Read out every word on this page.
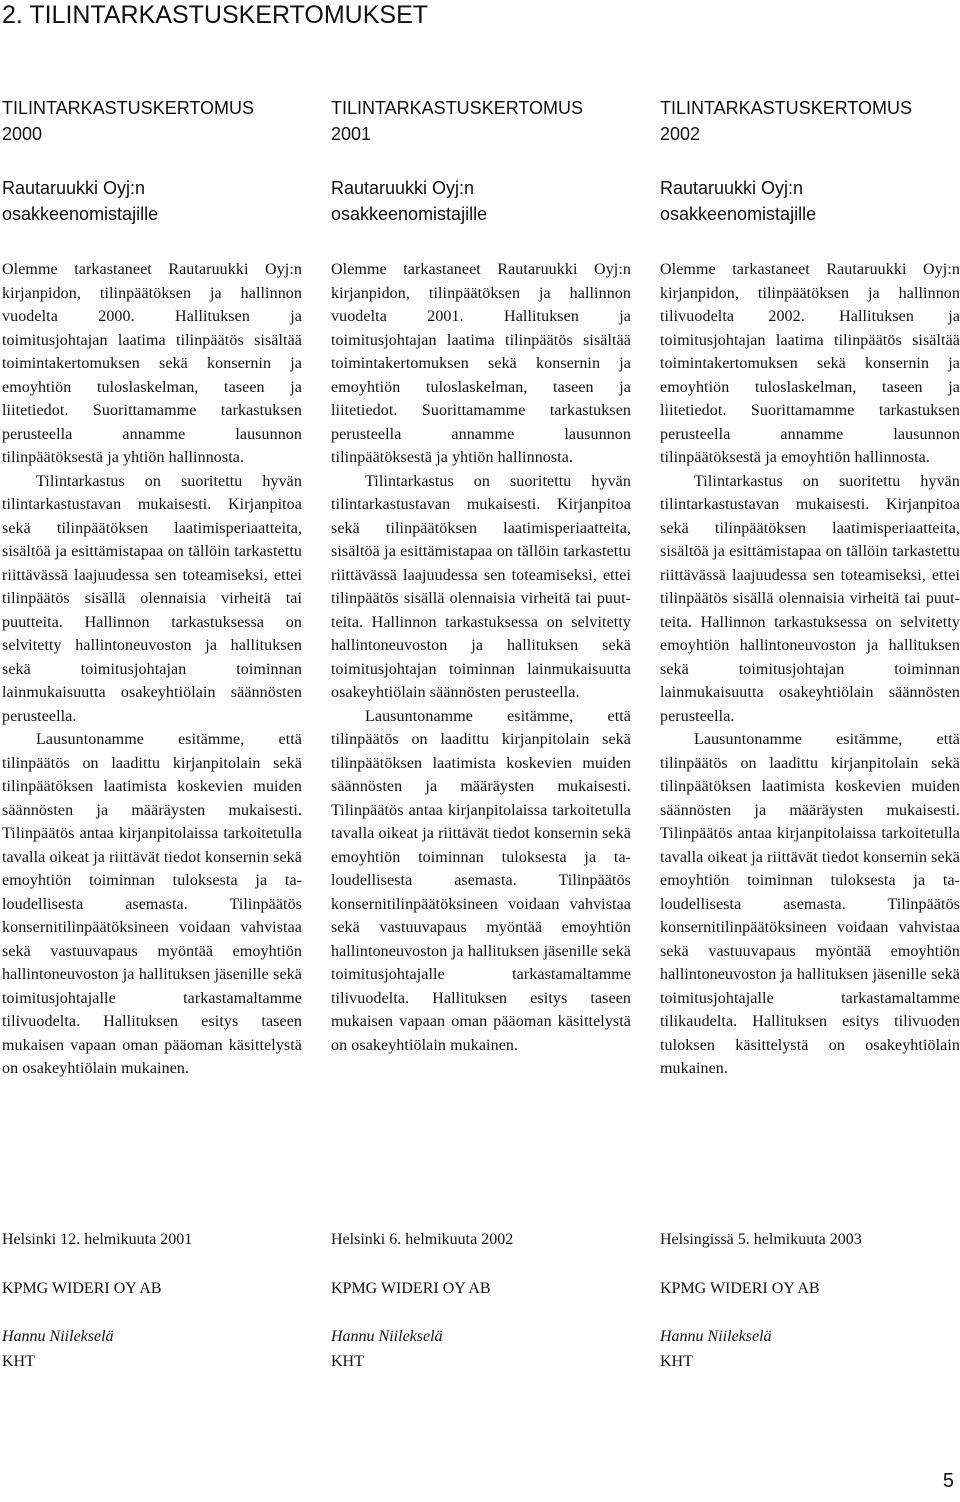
2. TILINTARKASTUSKERTOMUKSET
TILINTARKASTUSKERTOMUS
2000
Rautaruukki Oyj:n
osakkeenomistajille

Olemme tarkastaneet Rautaruukki Oyj:n kirjanpidon, tilinpäätöksen ja hallinnon vuodelta 2000. Hallituksen ja toimitusjohtajan laatima tilinpäätös sisältää toimintakertomuksen sekä konsernin ja emoyhtiön tuloslaskelman, taseen ja liitetiedot. Suorittamamme tarkastuksen perusteella annamme lausunnon tilinpäätöksestä ja yhtiön hallinnosta.

Tilintarkastus on suoritettu hyvän tilintarkastustavan mukaisesti. Kirjanpitoa sekä tilinpäätöksen laatimisperiaatteita, sisältöä ja esittämistapaa on tällöin tarkastettu riittävässä laajuudessa sen toteamiseksi, ettei tilinpäätös sisällä olennaisia virheitä tai puutteita. Hallinnon tarkastuksessa on selvitetty hallintoneuvoston ja hallituksen sekä toimitusjohtajan toiminnan lainmukaisuutta osakeyhtiölain säännösten perusteella.

Lausuntonamme esitämme, että tilinpäätös on laadittu kirjanpitolain sekä tilinpäätöksen laatimista koskevien muiden säännösten ja määräysten mukaisesti. Tilinpäätös antaa kirjanpitolaissa tarkoitetulla tavalla oikeat ja riittävät tiedot konsernin sekä emoyhtiön toiminnan tuloksesta ja taloudellisesta asemasta. Tilinpäätös konsernitilinpäätöksineen voidaan vahvistaa sekä vastuuvapaus myöntää emoyhtiön hallintoneuvoston ja hallituksen jäsenille sekä toimitusjohtajalle tarkastamaltamme tilivuodelta. Hallituksen esitys taseen mukaisen vapaan oman pääoman käsittelystä on osakeyhtiölain mukainen.

TILINTARKASTUSKERTOMUS
2001
Rautaruukki Oyj:n
osakkeenomistajille

Olemme tarkastaneet Rautaruukki Oyj:n kirjanpidon, tilinpäätöksen ja hallinnon vuodelta 2001. Hallituksen ja toimitusjohtajan laatima tilinpäätös sisältää toimintakertomuksen sekä konsernin ja emoyhtiön tuloslaskelman, taseen ja liitetiedot. Suorittamamme tarkastuksen perusteella annamme lausunnon tilinpäätöksestä ja yhtiön hallinnosta.

Tilintarkastus on suoritettu hyvän tilintarkastustavan mukaisesti. Kirjanpitoa sekä tilinpäätöksen laatimisperiaatteita, sisältöä ja esittämistapaa on tällöin tarkastettu riittävässä laajuudessa sen toteamiseksi, ettei tilinpäätös sisällä olennaisia virheitä tai puutteita. Hallinnon tarkastuksessa on selvitetty hallintoneuvoston ja hallituksen sekä toimitusjohtajan toiminnan lainmukaisuutta osakeyhtiölain säännösten perusteella.

Lausuntonamme esitämme, että tilinpäätös on laadittu kirjanpitolain sekä tilinpäätöksen laatimista koskevien muiden säännösten ja määräysten mukaisesti. Tilinpäätös antaa kirjanpitolaissa tarkoitetulla tavalla oikeat ja riittävät tiedot konsernin sekä emoyhtiön toiminnan tuloksesta ja taloudellisesta asemasta. Tilinpäätös konsernitilinpäätöksineen voidaan vahvistaa sekä vastuuvapaus myöntää emoyhtiön hallintoneuvoston ja hallituksen jäsenille sekä toimitusjohtajalle tarkastamaltamme tilivuodelta. Hallituksen esitys taseen mukaisen vapaan oman pääoman käsittelystä on osakeyhtiölain mukainen.

TILINTARKASTUSKERTOMUS
2002
Rautaruukki Oyj:n
osakkeenomistajille

Olemme tarkastaneet Rautaruukki Oyj:n kirjanpidon, tilinpäätöksen ja hallinnon tilivuodelta 2002. Hallituksen ja toimitusjohtajan laatima tilinpäätös sisältää toimintakertomuksen sekä konsernin ja emoyhtiön tuloslaskelman, taseen ja liitetiedot. Suorittamamme tarkastuksen perusteella annamme lausunnon tilinpäätöksestä ja emoyhtiön hallinnosta.

Tilintarkastus on suoritettu hyvän tilintarkastustavan mukaisesti. Kirjanpitoa sekä tilinpäätöksen laatimisperiaatteita, sisältöä ja esittämistapaa on tällöin tarkastettu riittävässä laajuudessa sen toteamiseksi, ettei tilinpäätös sisällä olennaisia virheitä tai puutteita. Hallinnon tarkastuksessa on selvitetty emoyhtiön hallintoneuvoston ja hallituksen sekä toimitusjohtajan toiminnan lainmukaisuutta osakeyhtiölain säännösten perusteella.

Lausuntonamme esitämme, että tilinpäätös on laadittu kirjanpitolain sekä tilinpäätöksen laatimista koskevien muiden säännösten ja määräysten mukaisesti. Tilinpäätös antaa kirjanpitolaissa tarkoitetulla tavalla oikeat ja riittävät tiedot konsernin sekä emoyhtiön toiminnan tuloksesta ja taloudellisesta asemasta. Tilinpäätös konsernitilinpäätöksineen voidaan vahvistaa sekä vastuuvapaus myöntää emoyhtiön hallintoneuvoston ja hallituksen jäsenille sekä toimitusjohtajalle tarkastamaltamme tilikaudelta. Hallituksen esitys tilivuoden tuloksen käsittelystä on osakeyhtiölain mukainen.

Helsinki 12. helmikuuta 2001	Helsinki 6. helmikuuta 2002	Helsingissä 5. helmikuuta 2003
KPMG WIDERI OY AB	KPMG WIDERI OY AB	KPMG WIDERI OY AB
Hannu Niilekselä	Hannu Niilekselä	Hannu Niilekselä
KHT	KHT	KHT
5
